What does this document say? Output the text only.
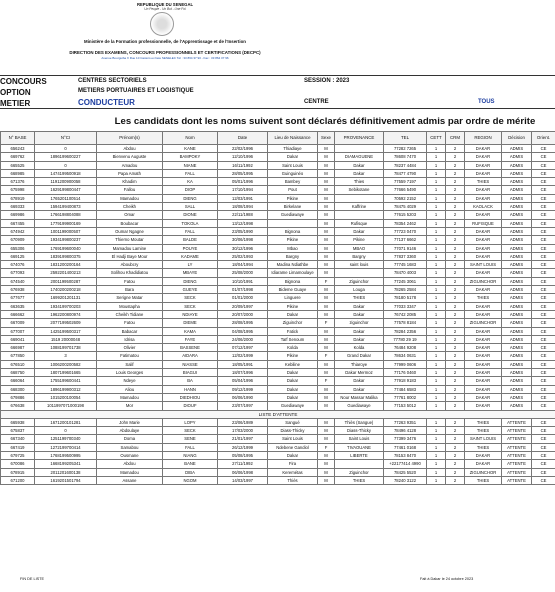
REPUBLIQUE DU SENEGAL
Un Peuple - Un But - Une Foi
Ministère de la Formation professionnelle, de l'Apprentissage et de l'Insertion
DIRECTION DES EXAMENS, CONCOURS PROFESSIONNELS ET CERTIFICATIONS (DECPC)
Avenue Bourguiba X Rue 10 Castors ex face SENELEC Tél : 33 864 37 90 - Fax : 33 864 37 96
CONCOURS	CENTRES SECTORIELS	SESSION : 2023
OPTION	METIERS PORTUAIRES ET LOGISTIQUE
METIER	CONDUCTEUR	CENTRE	TOUS
Les candidats dont les noms suivent sont déclarés définitivement admis par ordre de mérite
N° BASE	N°CI	Prénom(s)	Nom	Date	Lieu de Naissance	Sexe	PROVENANCE	TEL	CETT	CRM	REGION	Décision	Orient.
656243	0	Abdou	KANE	22/02/1996	Thiadiaye	M		77282 7265	1	2	DAKAR	ADMIS	CE
669762	1896199600227	Bienvenu Auguste	BAMPOKY	12/10/1996	Dakar	M	DIAMAGUENE	78608 7470	1	2	DAKAR	ADMIS	CE
665525	0	Amadou	NIANE	16/11/1992	Saint Louis	M	Dakar	78237 4484	1	2	DAKAR	ADMIS	CE
668985	1474199500918	Papa Amath	FALL	28/05/1995	Guinguinéo	M	Dakar	78477 4790	1	2	DAKAR	ADMIS	CE
671376	1191200900058	Khadim	KA	05/01/1996	Bambey	M	Thies	77559 7197	1	2	THIES	ADMIS	CE
675998	1629199800447	Fallou	DIOP	17/10/1994	Pout	M	Sebikotane	77666 5490	1	2	DAKAR	ADMIS	CE
678919	1765201100514	Mamadou	DIENG	12/03/1991	Pikine	M		70592 2152	1	2	DAKAR	ADMIS	CE
669333	1594199400873	Cheikh	SALL	18/08/1994	Birkelane	M	Kaffrine	78475 4029	1	2	KAOLACK	ADMIS	CE
669986	1766198804088	Omar	DIONE	22/11/1988	Guediawaye	M		77615 5203	1	2	DAKAR	ADMIS	CE
667455	1779199900169	Boubacar	TOKOLA	13/12/1998		M	Rufisque	78354 2462	1	2	RUFISQUE	ADMIS	CE
674942	1001199000507	Oumar Ngagne	FALL	23/05/1990	Bignona	M	Dakar	77723 0470	1	2	DAKAR	ADMIS	CE
670909	1934199800237	Thierno Moutar	BALDE	30/06/1998	Pikine	M	Pikine	77137 6662	1	2	DAKAR	ADMIS	CE
655306	1769199600040	Mamadou Lamine	POUYE	30/12/1996	Mbao	M	MBAO	77071 9146	1	2	DAKAR	ADMIS	CE
669125	1839199800375	El Hadji Baye Mour	KADAME	25/02/1993	Bargny	M	Bargny	77837 3360	1	2	DAKAR	ADMIS	CE
674076	1831200200164	Aboubcry	LY	18/04/1994	Madina Ndiathbe	M	saint louis	77745 1683	1	2	SAINT LOUIS	ADMIS	CE
677093	2592201400213	Solihou Khadidiatou	MBAYE	25/08/2000	Idiarame Limamoulaye	M		78470 4003	1	2	DAKAR	ADMIS	CE
674540	2001199500287	Fatou	DIENG	10/10/1991	Bignona	F	Ziguinchor	77245 3061	1	2	ZIGUINCHOR	ADMIS	CE
676938	1740200200218	Bara	GUEYE	01/07/1998	Bideme Guaye	M	Louga	78265 2584	1	2	DAKAR	ADMIS	CE
677677	1699201201131	Serigne Matar	SECK	01/01/2000	Linguere	M	THIES	78180 5178	1	2	THIES	ADMIS	CE
663635	1934199700203	Moustapha	SECK	20/09/1997	Pikine	M	Dakar	77033 3347	1	2	DAKAR	ADMIS	CE
666662	1962200800974	Cheikh Tidiane	NDIAYE	20/07/2000	Dakar	M	Dakar	76742 2085	1	2	DAKAR	ADMIS	CE
667009	2077199502609	Fatou	DIEME	28/08/1995	Ziguinchor	F	ziguinchor	77578 8184	1	2	ZIGUINCHOR	ADMIS	CE
677007	1425199500317	Babacar	KAMA	04/08/1995	Fatick	M	Dakar	78284 2356	1	2	DAKAR	ADMIS	CE
669041	1519 20000048	Idrisa	FAYE	24/06/2000	Taïf Senoum	M	Dakar	77780 29 19	1	2	DAKAR	ADMIS	CE
666987	1088199701738	Olivier	BASSENE	07/12/1997	Kolda	M	Kolda	76484 9208	1	2	DAKAR	ADMIS	CE
677850	3	Fatimatou	AIDARA	12/02/1999	Pikine	F	Grand Dakar	78634 0631	1	2	DAKAR	ADMIS	CE
676510	1006200200582	Salif	NIASSE	18/05/1991	Kebiline	M	Thiaroye	77999 0606	1	2	DAKAR	ADMIS	CE
668750	1807199601665	Louis Georges	BIAGUI	18/07/1996	Dakar	M	Dakar Mermoz	77176 0460	1	2	DAKAR	ADMIS	CE
666064	1755199600441	Ndeye	BA	05/04/1996	Dakar	F	Dakar	77918 9183	1	2	DAKAR	ADMIS	CE
668300	1896199900312	Aliou	HANN	09/12/1999	Dakar	M	Dakar	77484 6583	1	2	DAKAR	ADMIS	CE
679886	1015200100054	Mamadou	DIEDHIOU	06/06/1990	Dakar	M	Nour Massar Malika	77761 8002	1	2	DAKAR	ADMIS	CE
676638	1011997071000198	Mor	DIOUF	23/07/1997	Guediawaye	M	Guediawaye	77153 5012	1	2	DAKAR	ADMIS	CE
LISTE D'ATTENTE													
665938	1671200101281	John Marie	LOPY	23/06/1989	Sangué	M	Thiès (Sangue)	77263 9351	1	2	THIES	ATTENTE	CE
675837	0	Abdoulaye	SECK	17/03/2000	Diass-Thicky	M	Diass-Thicky	78496 4128	1	2	THIES	ATTENTE	CE
667340	1251199700340	Doma	SENE	21/01/1997	Saint Louis	M	Saint Louis	77399 3476	1	2	SAINT LOUIS	ATTENTE	CE
667419	1272199700414	Samabou	FALL	26/12/1999	Ndebene Gandiol	F	TIVAOUANE	77461 0168	1	2	THIES	ATTENTE	CE
679725	1768199500995	Ousmane	NIANG	05/08/1995	Dakar	M	LIBERTE	78153 8470	1	2	DAKAR	ATTENTE	CE
670086	1668199205341	Abdou	BANE	27/11/1992	Fira	M		+22177414 4990	1	2	DAKAR	ATTENTE	CE
678915	2011201600138	Mamadou	DIBA	06/06/1998	Keremétas	M	Ziguinchor	78425 5520	1	2	ZIGUINCHOR	ATTENTE	CE
671200	1619201501794	Assane	NGOM	14/03/1997	Thiès	M	THIES	78240 3122	1	2	THIES	ATTENTE	CE
FIN DE LISTE	Fait à Dakar le 24 octobre 2023
